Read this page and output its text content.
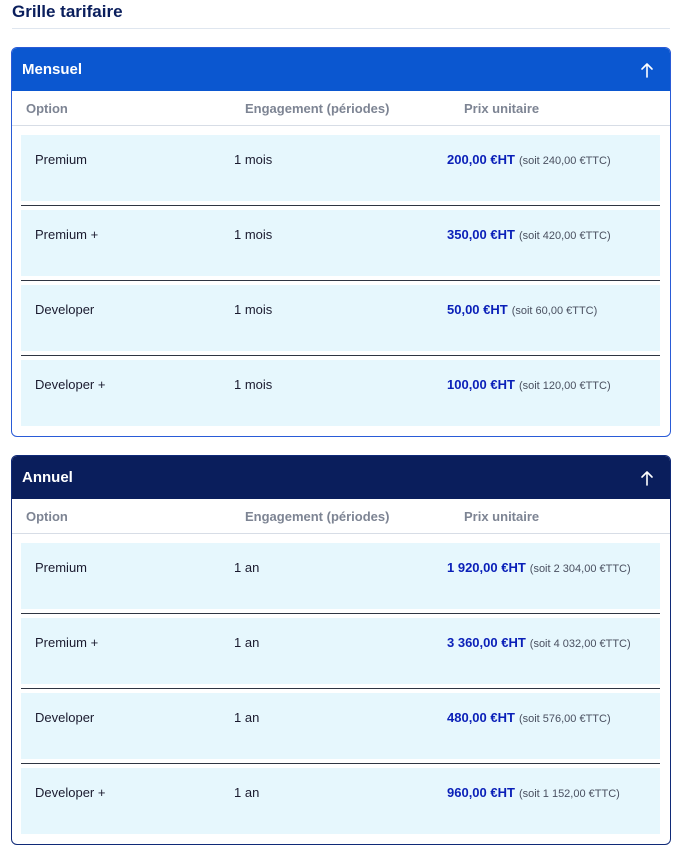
Grille tarifaire
Mensuel
Option	Engagement (périodes)	Prix unitaire
Premium	1 mois	200,00 €HT (soit 240,00 €TTC)
Premium +	1 mois	350,00 €HT (soit 420,00 €TTC)
Developer	1 mois	50,00 €HT (soit 60,00 €TTC)
Developer +	1 mois	100,00 €HT (soit 120,00 €TTC)
Annuel
Option	Engagement (périodes)	Prix unitaire
Premium	1 an	1 920,00 €HT (soit 2 304,00 €TTC)
Premium +	1 an	3 360,00 €HT (soit 4 032,00 €TTC)
Developer	1 an	480,00 €HT (soit 576,00 €TTC)
Developer +	1 an	960,00 €HT (soit 1 152,00 €TTC)
